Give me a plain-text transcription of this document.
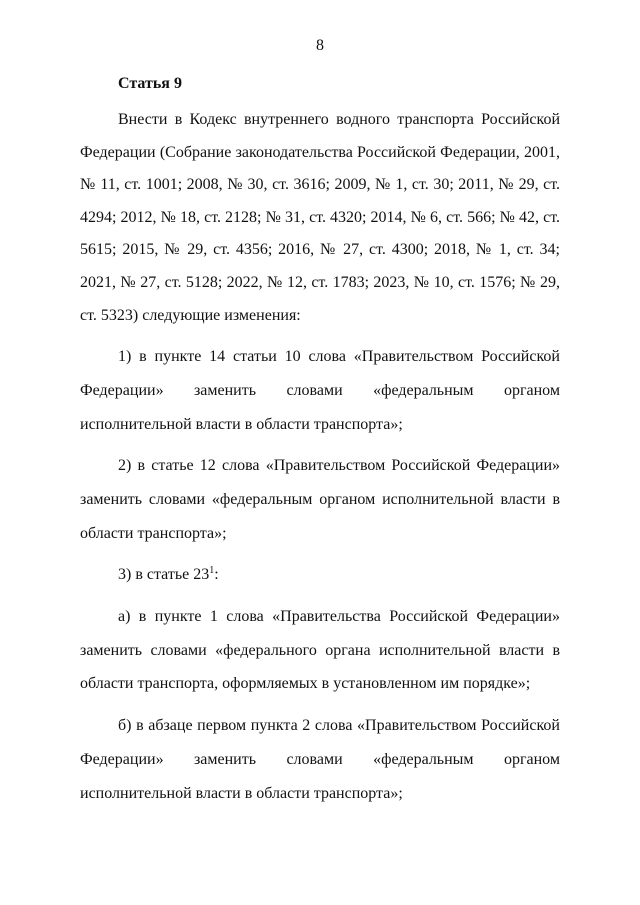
8

Статья 9

Внести в Кодекс внутреннего водного транспорта Российской Федерации (Собрание законодательства Российской Федерации, 2001, № 11, ст. 1001; 2008, № 30, ст. 3616; 2009, № 1, ст. 30; 2011, № 29, ст. 4294; 2012, № 18, ст. 2128; № 31, ст. 4320; 2014, № 6, ст. 566; № 42, ст. 5615; 2015, № 29, ст. 4356; 2016, № 27, ст. 4300; 2018, № 1, ст. 34; 2021, № 27, ст. 5128; 2022, № 12, ст. 1783; 2023, № 10, ст. 1576; № 29, ст. 5323) следующие изменения:

1) в пункте 14 статьи 10 слова «Правительством Российской Федерации» заменить словами «федеральным органом исполнительной власти в области транспорта»;

2) в статье 12 слова «Правительством Российской Федерации» заменить словами «федеральным органом исполнительной власти в области транспорта»;

3) в статье $23^1$:

а) в пункте 1 слова «Правительства Российской Федерации» заменить словами «федерального органа исполнительной власти в области транспорта, оформляемых в установленном им порядке»;

б) в абзаце первом пункта 2 слова «Правительством Российской Федерации» заменить словами «федеральным органом исполнительной власти в области транспорта»;
